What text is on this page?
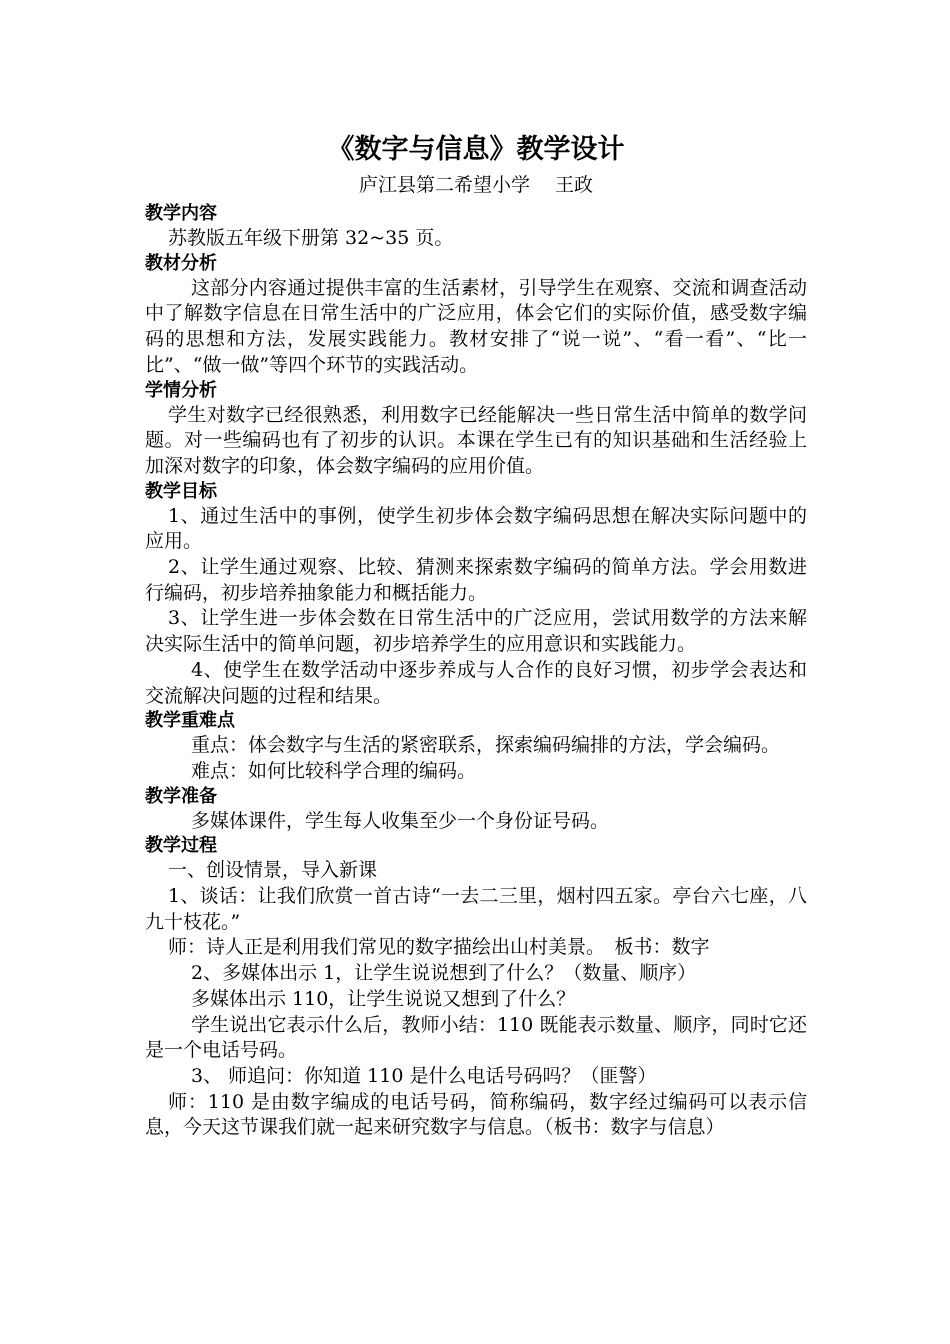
《数字与信息》教学设计

庐江县第二希望小学　 王政

教学内容

苏教版五年级下册第 32~35 页。

教材分析

这部分内容通过提供丰富的生活素材，引导学生在观察、交流和调查活动中了解数字信息在日常生活中的广泛应用，体会它们的实际价值，感受数字编码的思想和方法，发展实践能力。教材安排了“说一说”、“看一看”、“比一比”、“做一做”等四个环节的实践活动。

学情分析

学生对数字已经很熟悉，利用数字已经能解决一些日常生活中简单的数学问题。对一些编码也有了初步的认识。本课在学生已有的知识基础和生活经验上加深对数字的印象，体会数字编码的应用价值。

教学目标

1、通过生活中的事例，使学生初步体会数字编码思想在解决实际问题中的应用。

2、让学生通过观察、比较、猜测来探索数字编码的简单方法。学会用数进行编码，初步培养抽象能力和概括能力。

3、让学生进一步体会数在日常生活中的广泛应用，尝试用数学的方法来解决实际生活中的简单问题，初步培养学生的应用意识和实践能力。

4、使学生在数学活动中逐步养成与人合作的良好习惯，初步学会表达和交流解决问题的过程和结果。

教学重难点

重点：体会数字与生活的紧密联系，探索编码编排的方法，学会编码。

难点：如何比较科学合理的编码。

教学准备

多媒体课件，学生每人收集至少一个身份证号码。

教学过程

一、创设情景，导入新课

1、谈话：让我们欣赏一首古诗“一去二三里，烟村四五家。亭台六七座，八九十枝花。”

师：诗人正是利用我们常见的数字描绘出山村美景。　板书：数字

2、多媒体出示 1，让学生说说想到了什么？（数量、顺序）

多媒体出示 110，让学生说说又想到了什么？

学生说出它表示什么后，教师小结：110 既能表示数量、顺序，同时它还是一个电话号码。

3、 师追问：你知道 110 是什么电话号码吗？（匪警）

师：110 是由数字编成的电话号码，简称编码，数字经过编码可以表示信息，今天这节课我们就一起来研究数字与信息。（板书：数字与信息）
